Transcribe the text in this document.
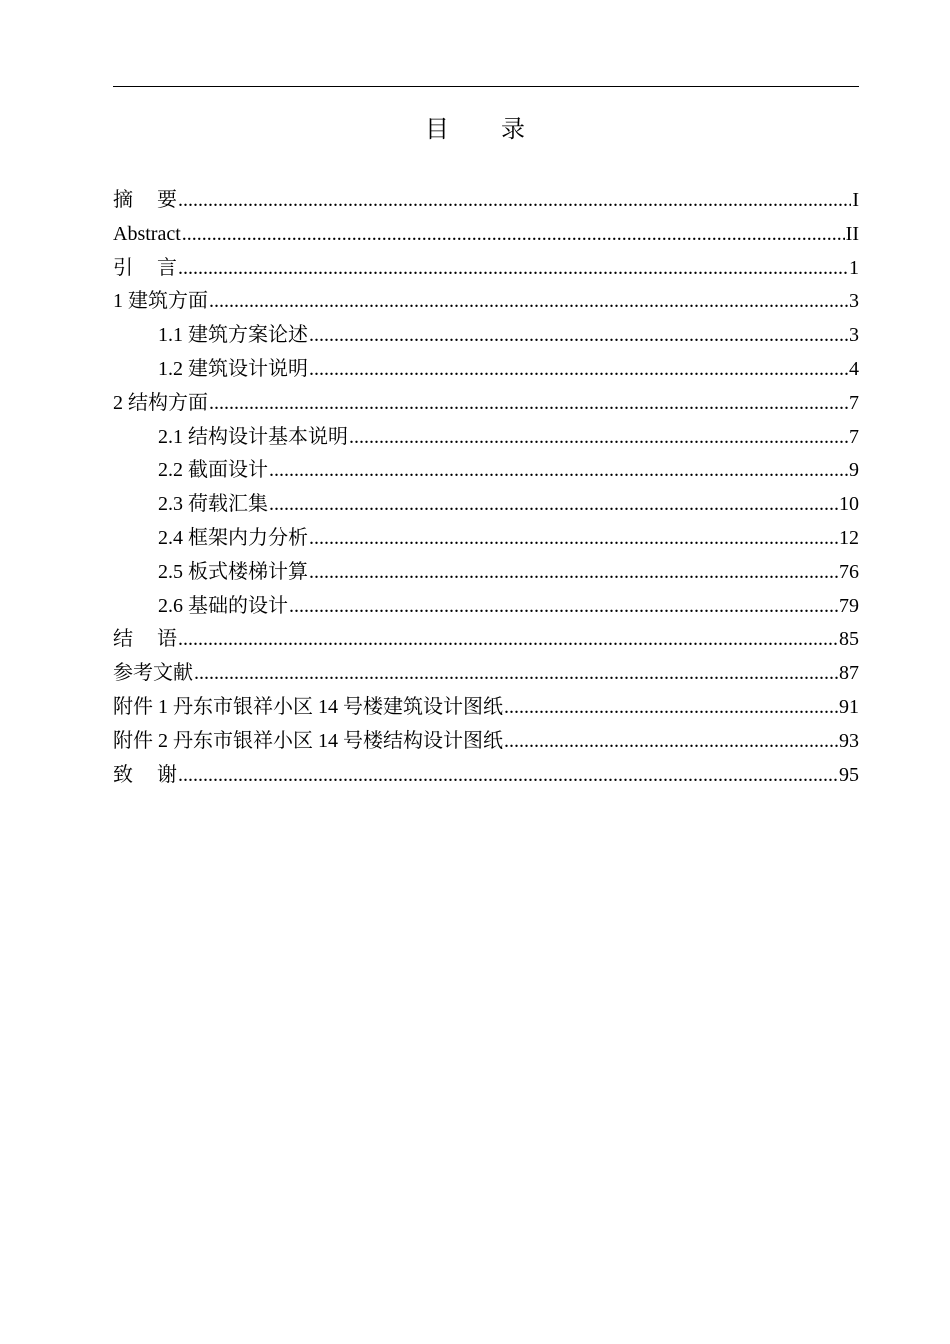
目 录
摘 要 .....	I
Abstract .....	II
引 言 .....	1
1 建筑方面 .....	3
1.1 建筑方案论述 .....	3
1.2 建筑设计说明 .....	4
2 结构方面 .....	7
2.1 结构设计基本说明 .....	7
2.2 截面设计 .....	9
2.3 荷载汇集 .....	10
2.4 框架内力分析 .....	12
2.5 板式楼梯计算 .....	76
2.6 基础的设计 .....	79
结 语 .....	85
参考文献 .....	87
附件 1 丹东市银祥小区 14 号楼建筑设计图纸 .....	91
附件 2 丹东市银祥小区 14 号楼结构设计图纸 .....	93
致 谢 .....	95
